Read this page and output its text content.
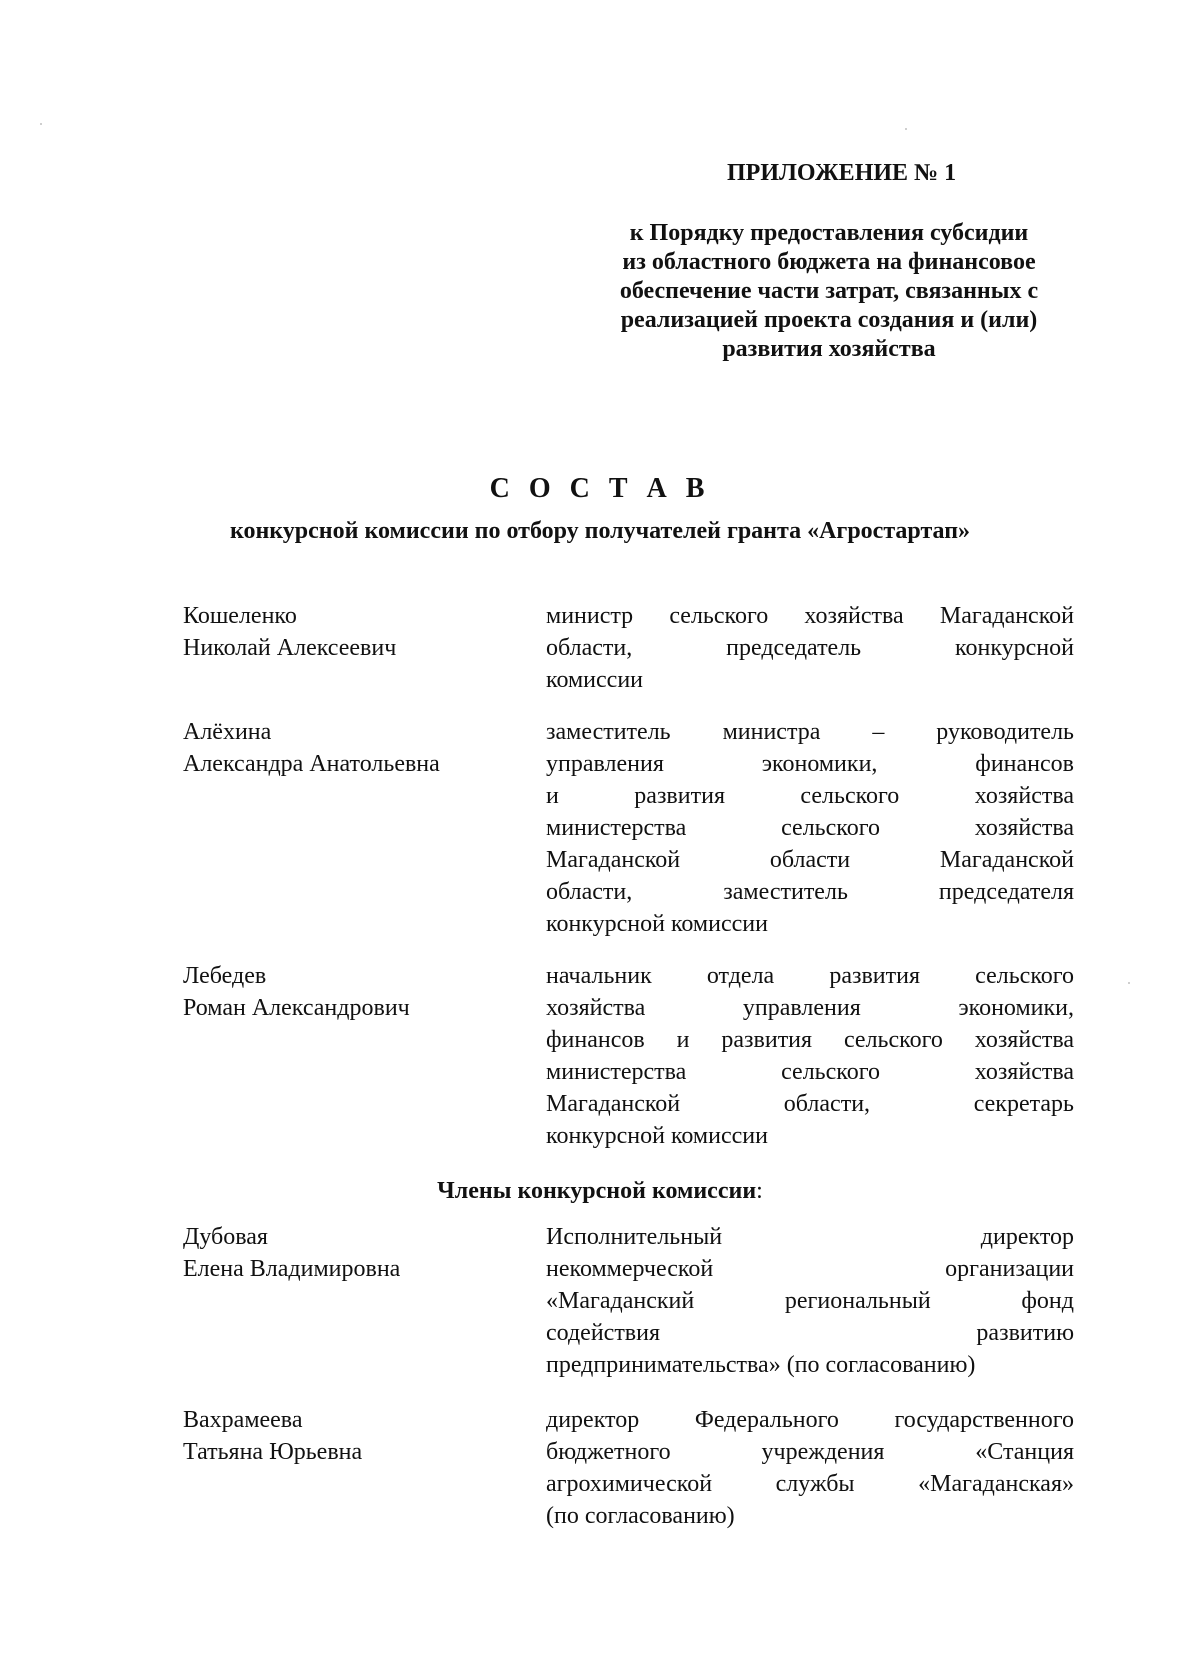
ПРИЛОЖЕНИЕ № 1

к Порядку предоставления субсидии
из областного бюджета на финансовое
обеспечение части затрат, связанных с
реализацией проекта создания и (или)
развития хозяйства

С О С Т А В
конкурсной комиссии по отбору получателей гранта «Агростартап»
Кошеленко
Николай Алексеевич
министр сельского хозяйства Магаданской
области, председатель конкурсной
комиссии
Алёхина
Александра Анатольевна
заместитель министра – руководитель
управления экономики, финансов
и развития сельского хозяйства
министерства сельского хозяйства
Магаданской области Магаданской
области, заместитель председателя
конкурсной комиссии
Лебедев
Роман Александрович
начальник отдела развития сельского
хозяйства управления экономики,
финансов и развития сельского хозяйства
министерства сельского хозяйства
Магаданской области, секретарь
конкурсной комиссии
Члены конкурсной комиссии:
Дубовая
Елена Владимировна
Исполнительный директор
некоммерческой организации
«Магаданский региональный фонд
содействия развитию
предпринимательства» (по согласованию)
Вахрамеева
Татьяна Юрьевна
директор Федерального государственного
бюджетного учреждения «Станция
агрохимической службы «Магаданская»
(по согласованию)
